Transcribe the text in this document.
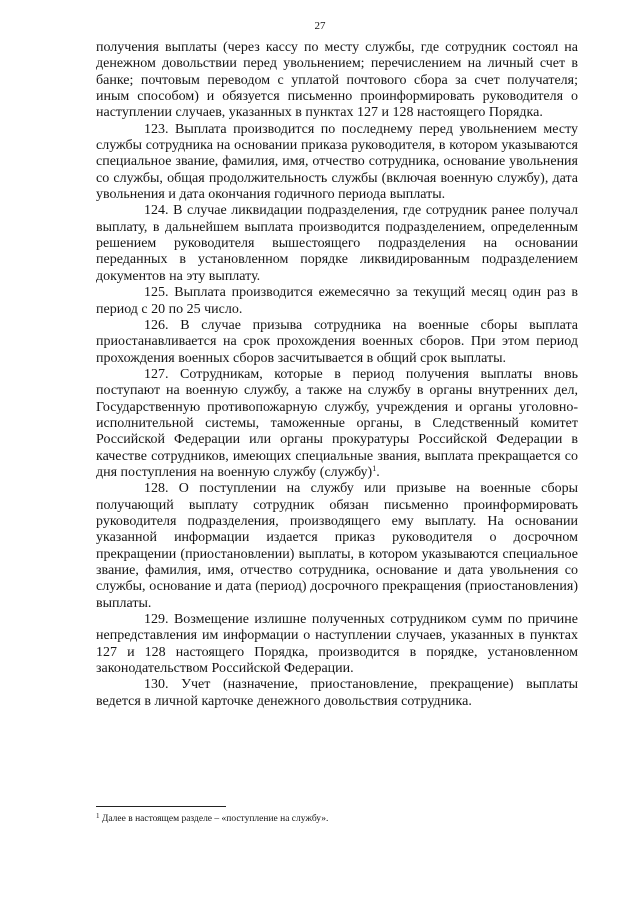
27

получения выплаты (через кассу по месту службы, где сотрудник состоял на денежном довольствии перед увольнением; перечислением на личный счет в банке; почтовым переводом с уплатой почтового сбора за счет получателя; иным способом) и обязуется письменно проинформировать руководителя о наступлении случаев, указанных в пунктах 127 и 128 настоящего Порядка.

123. Выплата производится по последнему перед увольнением месту службы сотрудника на основании приказа руководителя, в котором указываются специальное звание, фамилия, имя, отчество сотрудника, основание увольнения со службы, общая продолжительность службы (включая военную службу), дата увольнения и дата окончания годичного периода выплаты.

124. В случае ликвидации подразделения, где сотрудник ранее получал выплату, в дальнейшем выплата производится подразделением, определенным решением руководителя вышестоящего подразделения на основании переданных в установленном порядке ликвидированным подразделением документов на эту выплату.

125. Выплата производится ежемесячно за текущий месяц один раз в период с 20 по 25 число.

126. В случае призыва сотрудника на военные сборы выплата приостанавливается на срок прохождения военных сборов. При этом период прохождения военных сборов засчитывается в общий срок выплаты.

127. Сотрудникам, которые в период получения выплаты вновь поступают на военную службу, а также на службу в органы внутренних дел, Государственную противопожарную службу, учреждения и органы уголовно-исполнительной системы, таможенные органы, в Следственный комитет Российской Федерации или органы прокуратуры Российской Федерации в качестве сотрудников, имеющих специальные звания, выплата прекращается со дня поступления на военную службу (службу)$^1$.

128. О поступлении на службу или призыве на военные сборы получающий выплату сотрудник обязан письменно проинформировать руководителя подразделения, производящего ему выплату. На основании указанной информации издается приказ руководителя о досрочном прекращении (приостановлении) выплаты, в котором указываются специальное звание, фамилия, имя, отчество сотрудника, основание и дата увольнения со службы, основание и дата (период) досрочного прекращения (приостановления) выплаты.

129. Возмещение излишне полученных сотрудником сумм по причине непредставления им информации о наступлении случаев, указанных в пунктах 127 и 128 настоящего Порядка, производится в порядке, установленном законодательством Российской Федерации.

130. Учет (назначение, приостановление, прекращение) выплаты ведется в личной карточке денежного довольствия сотрудника.

$^1$ Далее в настоящем разделе – «поступление на службу».
